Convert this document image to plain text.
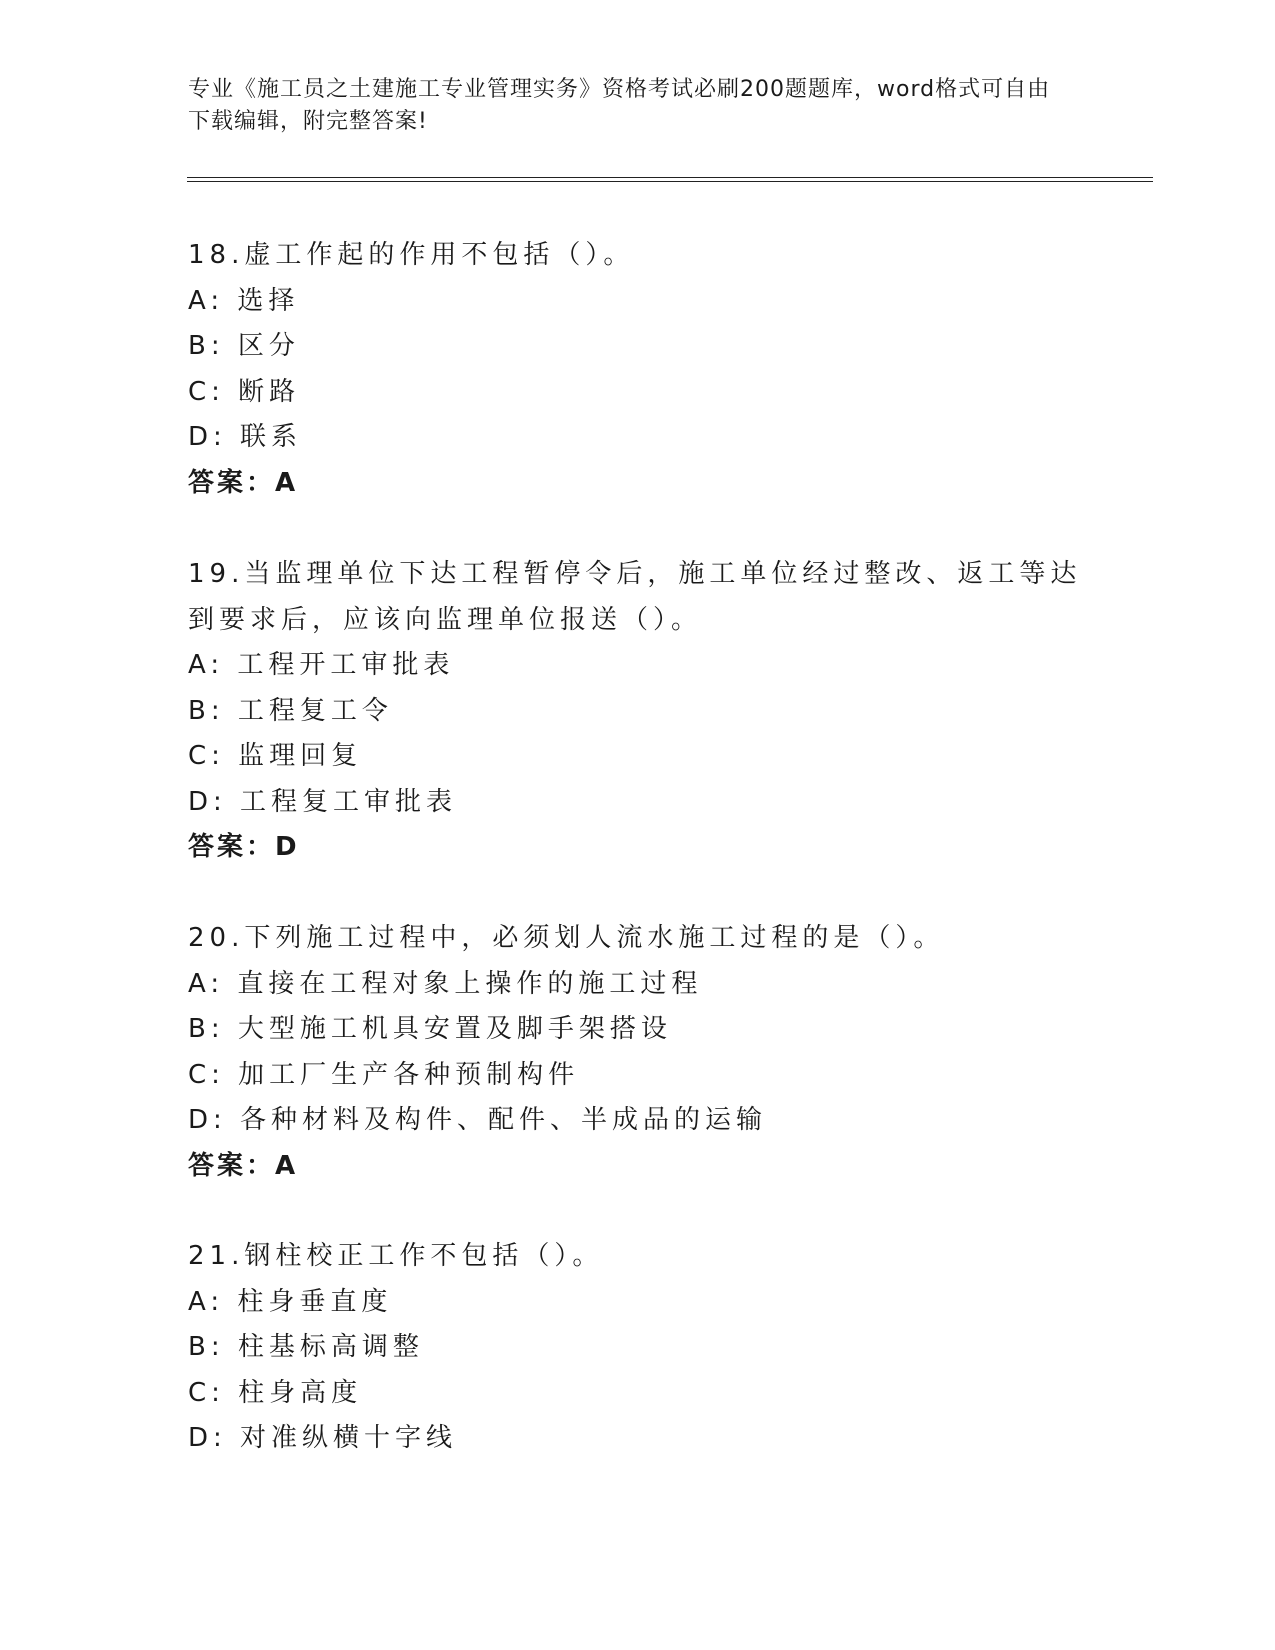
专业《施工员之土建施工专业管理实务》资格考试必刷200题题库，word格式可自由下载编辑，附完整答案!

18.虚工作起的作用不包括（）。

A: 选择

B: 区分

C: 断路

D: 联系

答案：A

19.当监理单位下达工程暂停令后，施工单位经过整改、返工等达到要求后，应该向监理单位报送（）。

A: 工程开工审批表

B: 工程复工令

C: 监理回复

D: 工程复工审批表

答案：D

20.下列施工过程中，必须划人流水施工过程的是（）。

A: 直接在工程对象上操作的施工过程

B: 大型施工机具安置及脚手架搭设

C: 加工厂生产各种预制构件

D: 各种材料及构件、配件、半成品的运输

答案：A

21.钢柱校正工作不包括（）。

A: 柱身垂直度

B: 柱基标高调整

C: 柱身高度

D: 对准纵横十字线
